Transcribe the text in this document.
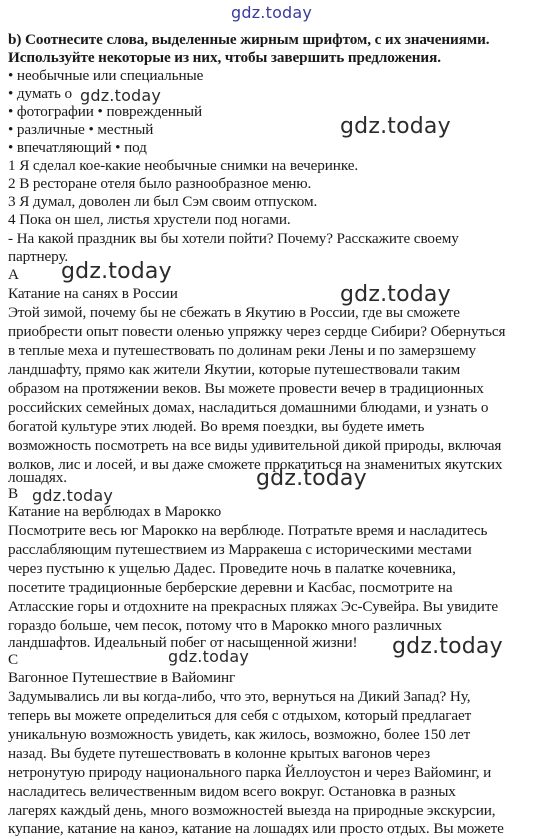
gdz.today
b) Соотнесите слова, выделенные жирным шрифтом, с их значениями.
Используйте некоторые из них, чтобы завершить предложения.
• необычные или специальные
• думать о
• фотографии • поврежденный
• различные • местный
• впечатляющий • под
1 Я сделал кое-какие необычные снимки на вечеринке.
2 В ресторане отеля было разнообразное меню.
3 Я думал, доволен ли был Сэм своим отпуском.
4 Пока он шел, листья хрустели под ногами.
- На какой праздник вы бы хотели пойти? Почему? Расскажите своему
партнеру.
A
Катание на санях в России
Этой зимой, почему бы не сбежать в Якутию в России, где вы сможете
приобрести опыт повести оленью упряжку через сердце Сибири? Обернуться
в теплые меха и путешествовать по долинам реки Лены и по замерзшему
ландшафту, прямо как жители Якутии, которые путешествовали таким
образом на протяжении веков. Вы можете провести вечер в традиционных
российских семейных домах, насладиться домашними блюдами, и узнать о
богатой культуре этих людей. Во время поездки, вы будете иметь
возможность посмотреть на все виды удивительной дикой природы, включая
волков, лис и лосей, и вы даже сможете прокатиться на знаменитых якутских
лошадях.
B
Катание на верблюдах в Марокко
Посмотрите весь юг Марокко на верблюде. Потратьте время и насладитесь
расслабляющим путешествием из Марракеша с историческими местами
через пустыню к ущелью Дадес. Проведите ночь в палатке кочевника,
посетите традиционные берберские деревни и Касбас, посмотрите на
Атласские горы и отдохните на прекрасных пляжах Эс-Сувейра. Вы увидите
гораздо больше, чем песок, потому что в Марокко много различных
ландшафтов. Идеальный побег от насыщенной жизни!
C
Вагонное Путешествие в Вайоминг
Задумывались ли вы когда-либо, что это, вернуться на Дикий Запад? Ну,
теперь вы можете определиться для себя с отдыхом, который предлагает
уникальную возможность увидеть, как жилось, возможно, более 150 лет
назад. Вы будете путешествовать в колонне крытых вагонов через
нетронутую природу национального парка Йеллоустон и через Вайоминг, и
насладитесь величественным видом всего вокруг. Остановка в разных
лагерях каждый день, много возможностей выезда на природные экскурсии,
купание, катание на каноэ, катание на лошадях или просто отдых. Вы можете
gdz.today
gdz.today
gdz.today
gdz.today
gdz.today
gdz.today
gdz.today
gdz.today
